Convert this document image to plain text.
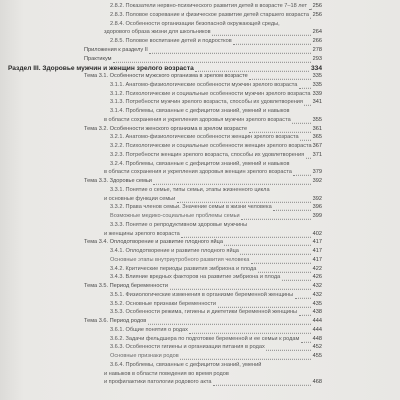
2.8.2. Показатели нервно-психического развития детей в возрасте 7–18 лет 256
2.8.3. Половое созревание и физическое развитие детей старшего возраста 256
2.8.4. Особенности организации безопасной окружающей среды,
здорового образа жизни для школьников	264
2.8.5. Половое воспитание детей и подростков	266
Приложения к разделу II	278
Практикум	293
Раздел III. Здоровье мужчин и женщин зрелого возраста	334
Тема 3.1. Особенности мужского организма в зрелом возрасте	335
3.1.1. Анатомо-физиологические особенности мужчин зрелого возраста	335
3.1.2. Психологические и социальные особенности мужчин зрелого возраста 339
3.1.3. Потребности мужчин зрелого возраста, способы их удовлетворения 341
3.1.4. Проблемы, связанные с дефицитом знаний, умений и навыков
в области сохранения и укрепления здоровья мужчин зрелого возраста	355
Тема 3.2. Особенности женского организма в зрелом возрасте	361
3.2.1. Анатомо-физиологические особенности женщин зрелого возраста	365
3.2.2. Психологические и социальные особенности женщин зрелого возраста 367
3.2.3. Потребности женщин зрелого возраста, способы их удовлетворения 371
3.2.4. Проблемы, связанные с дефицитом знаний, умений и навыков
в области сохранения и укрепления здоровья женщин зрелого возраста	379
Тема 3.3. Здоровье семьи	392
3.3.1. Понятие о семье, типы семьи, этапы жизненного цикла
и основные функции семьи	392
3.3.2. Права членов семьи. Значение семьи в жизни человека	396
Возможные медико-социальные проблемы семьи	399
3.3.3. Понятие о репродуктивном здоровье мужчины
и женщины зрелого возраста	402
Тема 3.4. Оплодотворение и развитие плодного яйца	417
3.4.1. Оплодотворение и развитие плодного яйца	417
Основные этапы внутриутробного развития человека	417
3.4.2. Критические периоды развития эмбриона и плода	422
3.4.3. Влияние вредных факторов на развитие эмбриона и плода	426
Тема 3.5. Период беременности	432
3.5.1. Физиологические изменения в организме беременной женщины	432
3.5.2. Основные признаки беременности	435
3.5.3. Особенности режима, гигиены и диететики беременной женщины	438
Тема 3.6. Период родов	444
3.6.1. Общие понятия о родах	444
3.6.2. Задачи фельдшера по подготовке беременной и ее семьи к родам 448
3.6.3. Особенности гигиены и организации питания в родах	452
Основные признаки родов	455
3.6.4. Проблемы, связанные с дефицитом знаний, умений
и навыков в области поведения во время родов
и профилактики патологии родового акта	468
